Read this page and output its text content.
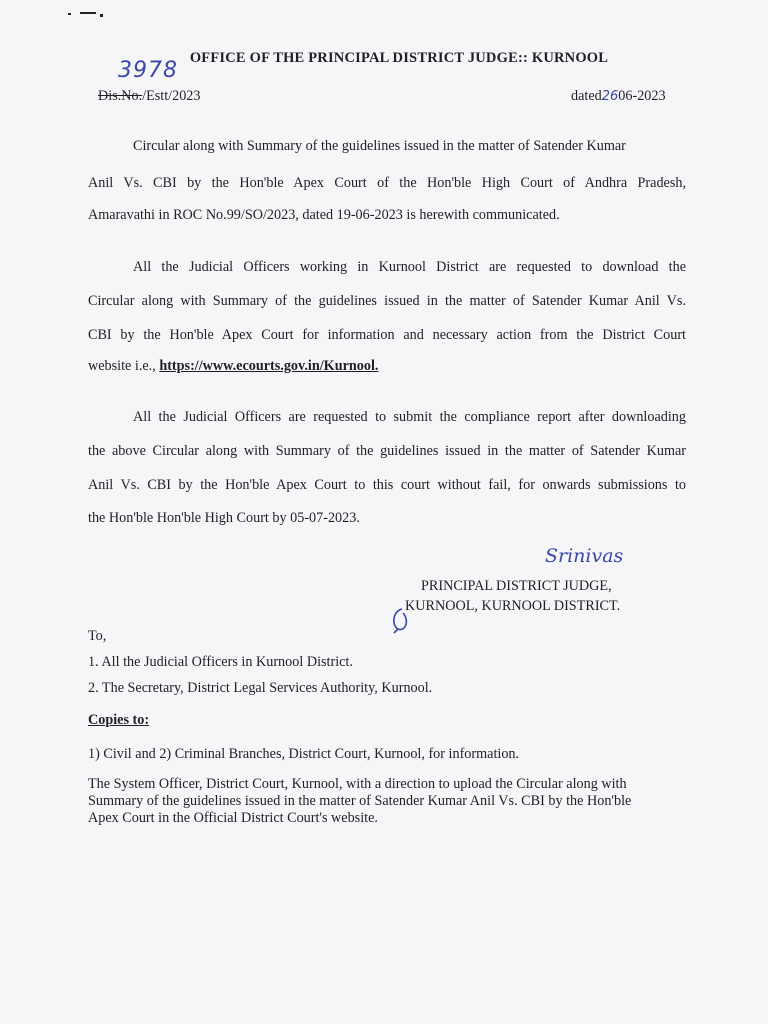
OFFICE OF THE PRINCIPAL DISTRICT JUDGE:: KURNOOL
Dis.No./Estt/2023
3978
dated2606-2023
Circular along with Summary of the guidelines issued in the matter of Satender Kumar
Anil Vs. CBI by the Hon'ble Apex Court of the Hon'ble High Court of Andhra Pradesh,
Amaravathi in ROC No.99/SO/2023, dated 19-06-2023 is herewith communicated.
All the Judicial Officers working in Kurnool District are requested to download the
Circular along with Summary of the guidelines issued in the matter of Satender Kumar Anil Vs.
CBI by the Hon'ble Apex Court for information and necessary action from the District Court
website i.e., https://www.ecourts.gov.in/Kurnool.
All the Judicial Officers are requested to submit the compliance report after downloading
the above Circular along with Summary of the guidelines issued in the matter of Satender Kumar
Anil Vs. CBI by the Hon'ble Apex Court to this court without fail, for onwards submissions to
the Hon'ble Hon'ble High Court by 05-07-2023.
Srinivas
PRINCIPAL DISTRICT JUDGE,
KURNOOL, KURNOOL DISTRICT.
To,
1. All the Judicial Officers in Kurnool District.
2. The Secretary, District Legal Services Authority, Kurnool.
Copies to:
1) Civil and 2) Criminal Branches, District Court, Kurnool, for information.
The System Officer, District Court, Kurnool, with a direction to upload the Circular along with
Summary of the guidelines issued in the matter of Satender Kumar Anil Vs. CBI by the Hon'ble
Apex Court in the Official District Court's website.
